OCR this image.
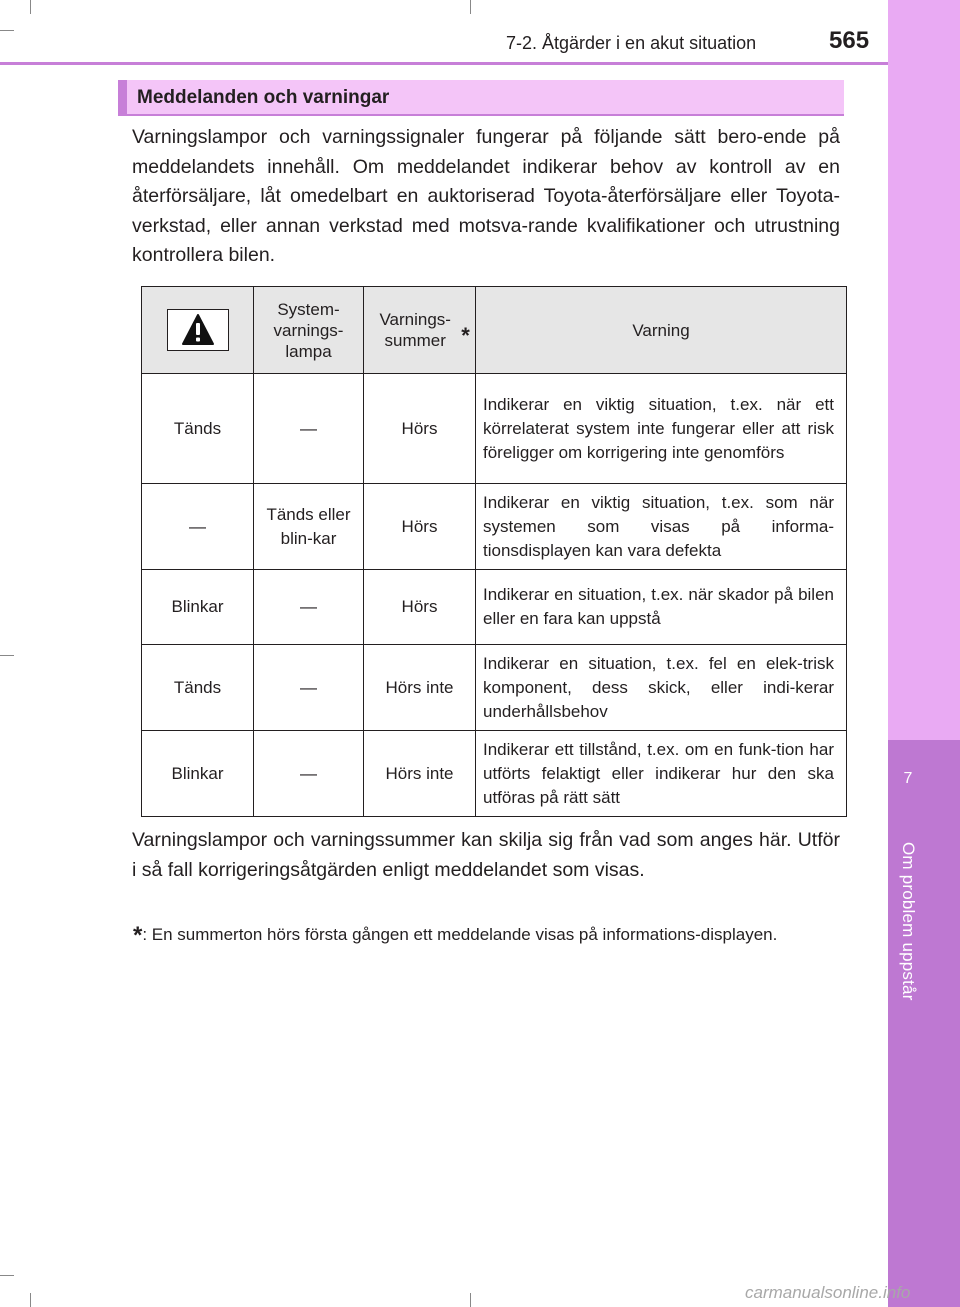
7
Om problem uppstår
7-2. Åtgärder i en akut situation	565
Meddelanden och varningar
Varningslampor och varningssignaler fungerar på följande sätt bero-ende på meddelandets innehåll. Om meddelandet indikerar behov av kontroll av en återförsäljare, låt omedelbart en auktoriserad Toyota-återförsäljare eller Toyota-verkstad, eller annan verkstad med motsva-rande kvalifikationer och utrustning kontrollera bilen.
	System-varnings-lampa	Varnings-summer *	Varning
Tänds	—	Hörs	Indikerar en viktig situation, t.ex. när ett körrelaterat system inte fungerar eller att risk föreligger om korrigering inte genomförs
—	Tänds eller blin-kar	Hörs	Indikerar en viktig situation, t.ex. som när systemen som visas på informa-tionsdisplayen kan vara defekta
Blinkar	—	Hörs	Indikerar en situation, t.ex. när skador på bilen eller en fara kan uppstå
Tänds	—	Hörs inte	Indikerar en situation, t.ex. fel en elek-trisk komponent, dess skick, eller indi-kerar underhållsbehov
Blinkar	—	Hörs inte	Indikerar ett tillstånd, t.ex. om en funk-tion har utförts felaktigt eller indikerar hur den ska utföras på rätt sätt
Varningslampor och varningssummer kan skilja sig från vad som anges här. Utför i så fall korrigeringsåtgärden enligt meddelandet som visas.
*: En summerton hörs första gången ett meddelande visas på informations-displayen.
carmanualsonline.info
